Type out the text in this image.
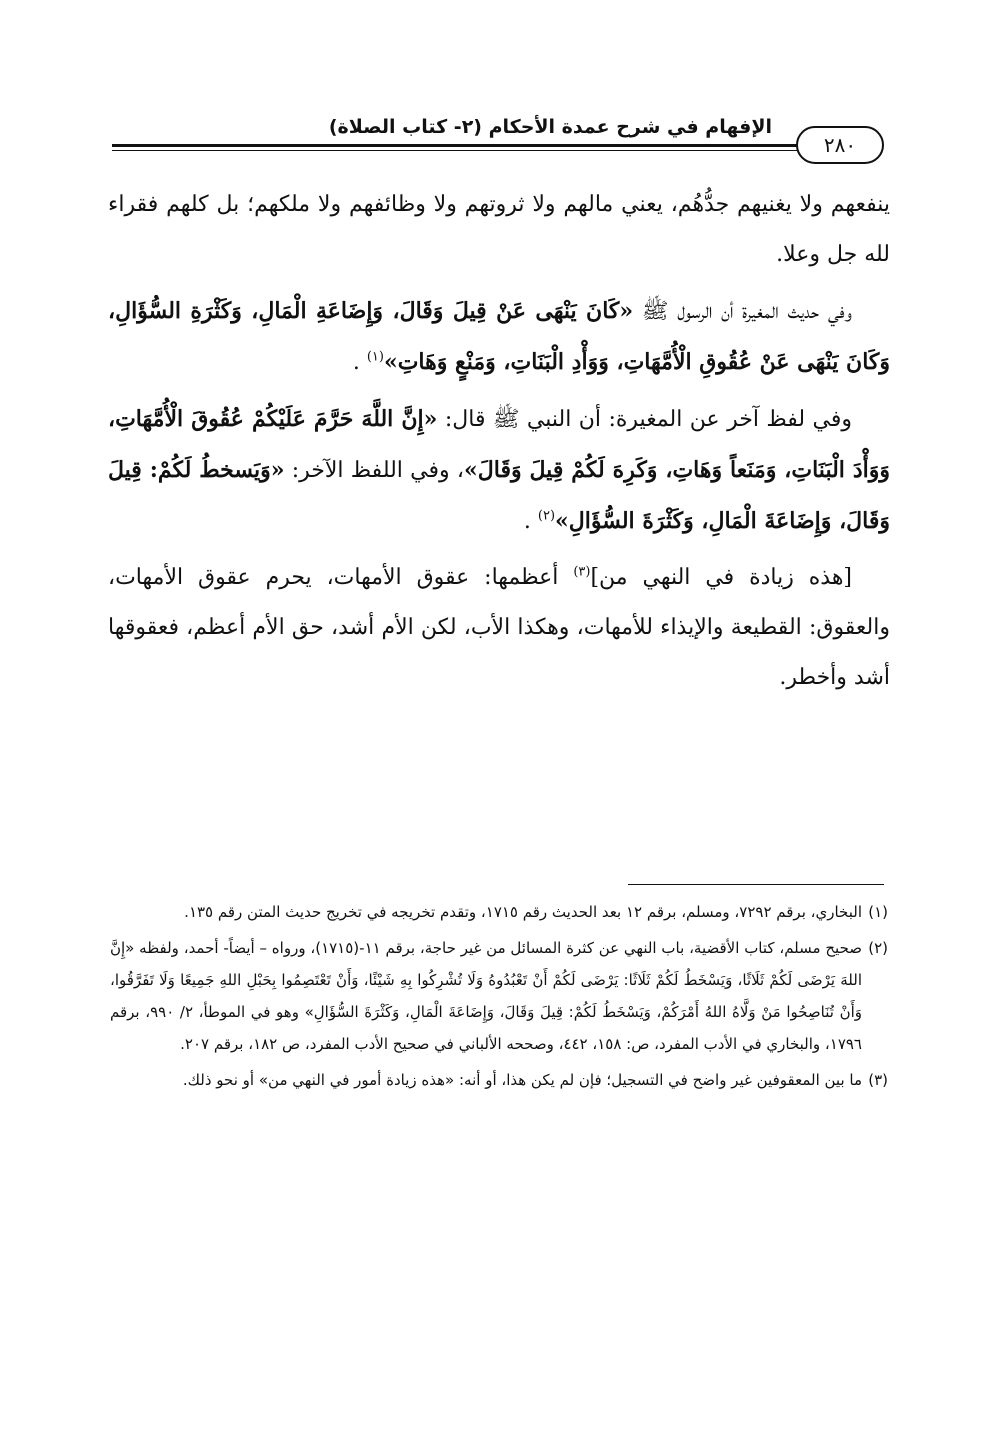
الإفهام في شرح عمدة الأحكام (٢- كتاب الصلاة)
٢٨٠

ينفعهم ولا يغنيهم جدُّهُم، يعني مالهم ولا ثروتهم ولا وظائفهم ولا ملكهم؛ بل كلهم فقراء لله جل وعلا.

وفي حديث المغيرة أن الرسول ﷺ «كَانَ يَنْهَى عَنْ قِيلَ وَقَالَ، وَإِضَاعَةِ الْمَالِ، وَكَثْرَةِ السُّؤَالِ، وَكَانَ يَنْهَى عَنْ عُقُوقِ الْأُمَّهَاتِ، وَوَأْدِ الْبَنَاتِ، وَمَنْعٍ وَهَاتِ»$^{(١)}$ .

وفي لفظ آخر عن المغيرة: أن النبي ﷺ قال: «إِنَّ اللَّهَ حَرَّمَ عَلَيْكُمْ عُقُوقَ الْأُمَّهَاتِ، وَوَأْدَ الْبَنَاتِ، وَمَنَعاً وَهَاتِ، وَكَرِهَ لَكُمْ قِيلَ وَقَالَ»، وفي اللفظ الآخر: «وَيَسخطُ لَكُمْ: قِيلَ وَقَالَ، وَإِضَاعَةَ الْمَالِ، وَكَثْرَةَ السُّؤَالِ»$^{(٢)}$ .

[هذه زيادة في النهي من]$^{(٣)}$ أعظمها: عقوق الأمهات، يحرم عقوق الأمهات، والعقوق: القطيعة والإيذاء للأمهات، وهكذا الأب، لكن الأم أشد، حق الأم أعظم، فعقوقها أشد وأخطر.

(١)
البخاري، برقم ٧٢٩٢، ومسلم، برقم ١٢ بعد الحديث رقم ١٧١٥، وتقدم تخريجه في تخريج حديث المتن رقم ١٣٥.
(٢)
صحيح مسلم، كتاب الأقضية، باب النهي عن كثرة المسائل من غير حاجة، برقم ١١-(١٧١٥)، ورواه – أيضاً- أحمد، ولفظه «إِنَّ اللهَ يَرْضَى لَكُمْ ثَلَاثًا، وَيَسْخَطُ لَكُمْ ثَلَاثًا: يَرْضَى لَكُمْ أَنْ تَعْبُدُوهُ وَلَا تُشْرِكُوا بِهِ شَيْئًا، وَأَنْ تَعْتَصِمُوا بِحَبْلِ اللهِ جَمِيعًا وَلَا تَفَرَّقُوا، وَأَنْ تُنَاصِحُوا مَنْ وَلَّاهُ اللهُ أَمْرَكُمْ، وَيَسْخَطُ لَكُمْ: قِيلَ وَقَالَ، وَإِضَاعَةَ الْمَالِ، وَكَثْرَةَ السُّؤَالِ» وهو في الموطأ، ٢/ ٩٩٠، برقم ١٧٩٦، والبخاري في الأدب المفرد، ص: ١٥٨، ٤٤٢، وصححه الألباني في صحيح الأدب المفرد، ص ١٨٢، برقم ٢٠٧.
(٣)
ما بين المعقوفين غير واضح في التسجيل؛ فإن لم يكن هذا، أو أنه: «هذه زيادة أمور في النهي من» أو نحو ذلك.
